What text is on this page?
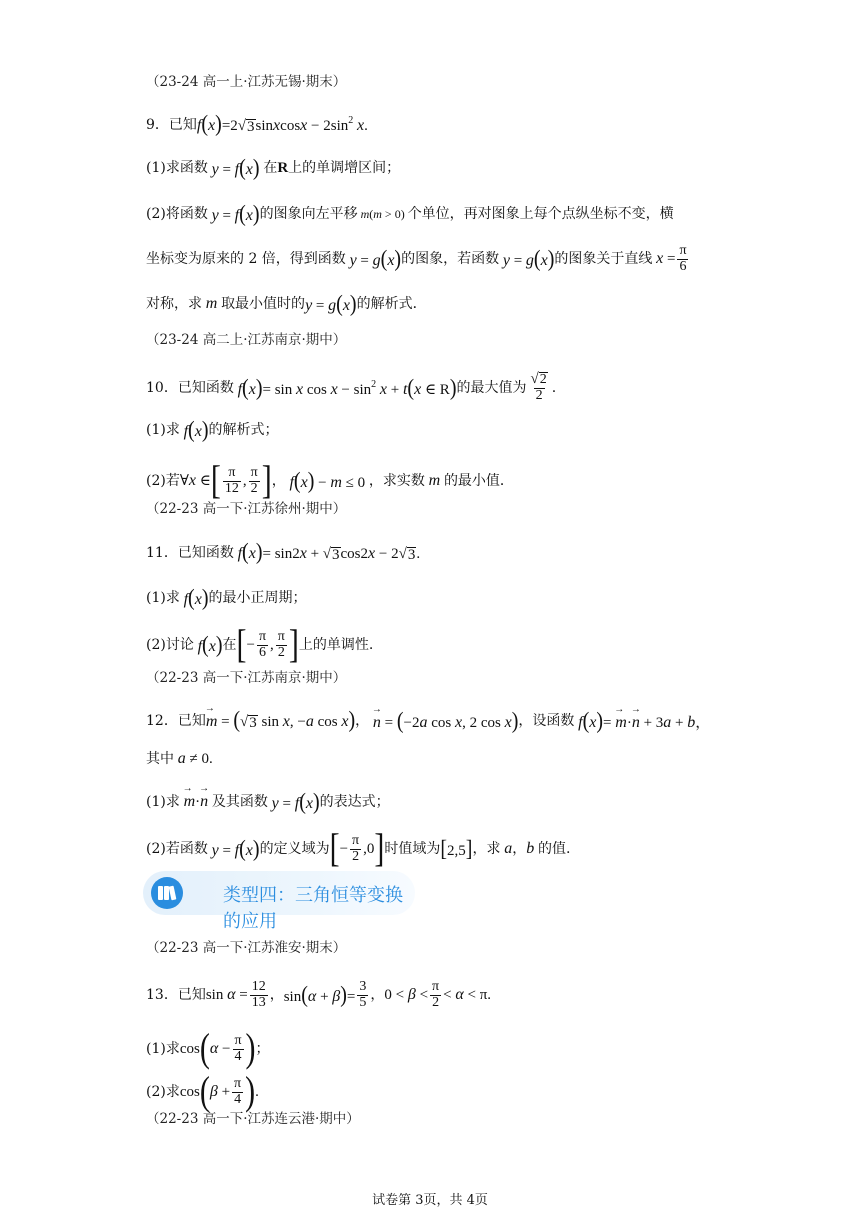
（23-24 高一上·江苏无锡·期末）
9．已知 f(x)=2 √ 3 sinxcosx − $2\sin^2$ x.
(1)求函数 y = f(x) 在 R 上的单调增区间；
(2)将函数 y = f(x) 的图象向左平移 m(m > 0) 个单位，再对图象上每个点纵坐标不变，横
坐标变为原来的 2 倍，得到函数 y = g(x) 的图象，若函数 y = g(x) 的图象关于直线 $x = \frac{\pi}{6}$
对称，求 m 取最小值时的 y = g(x) 的解析式．
（23-24 高二上·江苏南京·期中）
10．已知函数 f(x)= sin x $\cos x - \sin^2 x + t(x$ ∈ R) 的最大值为 $\frac{√ 2}{2}$ .
(1)求 f(x) 的解析式；
(2)若 ∀x ∈ [ $\frac{\pi}{12}$ , $\frac{\pi}{2}$ ] ， f(x) − m ≤ 0 ，求实数 m 的最小值．
（22-23 高一下·江苏徐州·期中）
11．已知函数 f(x)= sin2x + √ 3 cos2x − 2 √ 3 .
(1)求 f(x) 的最小正周期；
(2)讨论 f(x) 在 [ − $\frac{\pi}{6}$ , $\frac{\pi}{2}$ ] 上的单调性.
（22-23 高一下·江苏南京·期中）
12．已知 → m = ( √ 3 sin x, −a cos x) ， → n = (−2a cos x, 2 cos x) ，设函数 f(x)= → m·→ n + 3a + b，
其中 a ≠ 0.
(1)求 → m·→ n 及其函数 y = f(x) 的表达式；
(2)若函数 y = f(x) 的定义域为 [ − $\frac{\pi}{2} ,0$ ] 时值域为 [2,5] ，求 a ， b 的值.
类型四：三角恒等变换的应用
（22-23 高一下·江苏淮安·期末）
13．已知 $\sin \alpha = \frac{12}{13}$ ， $\sin(\alpha + \beta)= \frac{3}{5}$ ， $0 < \beta < \frac{\pi}{2} < \alpha < \pi$.
(1)求 cos ( $\alpha - \frac{\pi}{4}$ ) ；
(2)求 cos ( $\beta + \frac{\pi}{4}$ ) .
（22-23 高一下·江苏连云港·期中）
试卷第 3页，共 4页
